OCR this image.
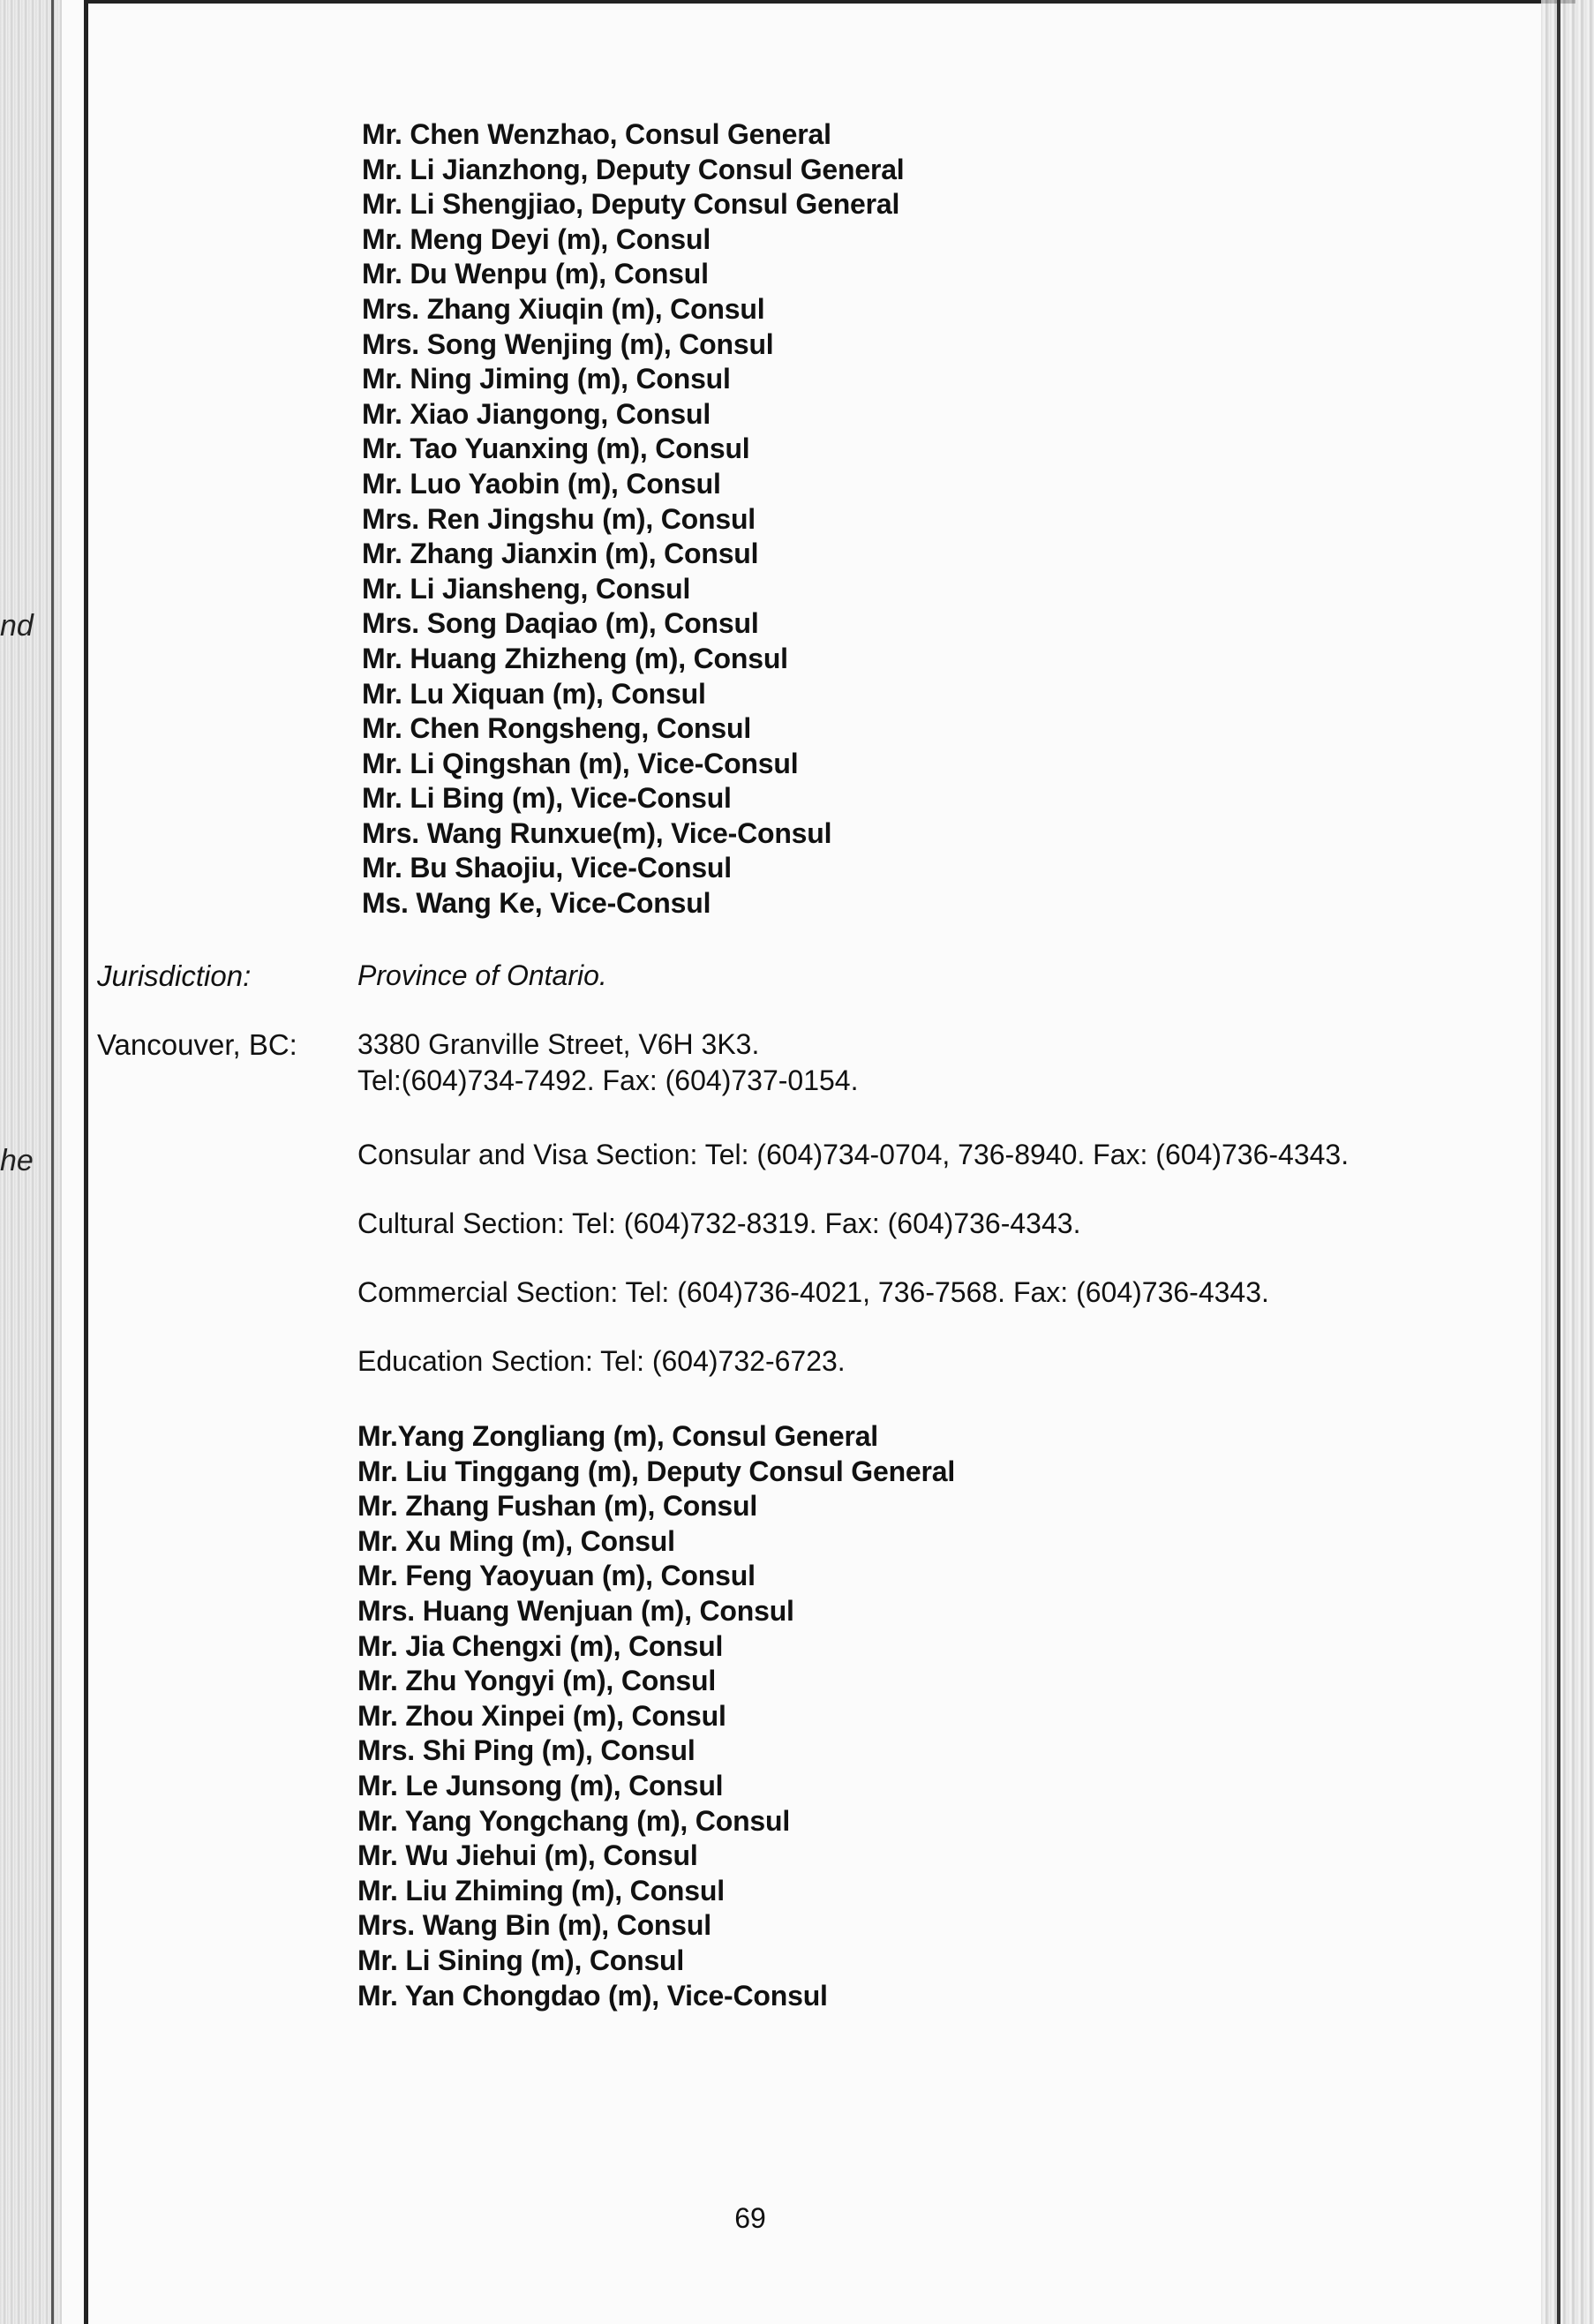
nd
he
Mr. Chen Wenzhao, Consul General
Mr. Li Jianzhong, Deputy Consul General
Mr. Li Shengjiao, Deputy Consul General
Mr. Meng Deyi (m), Consul
Mr. Du Wenpu (m), Consul
Mrs. Zhang Xiuqin (m), Consul
Mrs. Song Wenjing (m), Consul
Mr. Ning Jiming (m), Consul
Mr. Xiao Jiangong, Consul
Mr. Tao Yuanxing (m), Consul
Mr. Luo Yaobin (m), Consul
Mrs. Ren Jingshu (m), Consul
Mr. Zhang Jianxin (m), Consul
Mr. Li Jiansheng, Consul
Mrs. Song Daqiao (m), Consul
Mr. Huang Zhizheng (m), Consul
Mr. Lu Xiquan (m), Consul
Mr. Chen Rongsheng, Consul
Mr. Li Qingshan (m), Vice-Consul
Mr. Li Bing (m), Vice-Consul
Mrs. Wang Runxue(m), Vice-Consul
Mr. Bu Shaojiu, Vice-Consul
Ms. Wang Ke, Vice-Consul
Jurisdiction:	Province of Ontario.
Vancouver, BC: 3380 Granville Street, V6H 3K3.
Tel:(604)734-7492. Fax: (604)737-0154.
Consular and Visa Section: Tel: (604)734-0704, 736-8940. Fax: (604)736-4343.
Cultural Section: Tel: (604)732-8319. Fax: (604)736-4343.
Commercial Section: Tel: (604)736-4021, 736-7568. Fax: (604)736-4343.
Education Section: Tel: (604)732-6723.
Mr.Yang Zongliang (m), Consul General
Mr. Liu Tinggang (m), Deputy Consul General
Mr. Zhang Fushan (m), Consul
Mr. Xu Ming (m), Consul
Mr. Feng Yaoyuan (m), Consul
Mrs. Huang Wenjuan (m), Consul
Mr. Jia Chengxi (m), Consul
Mr. Zhu Yongyi (m), Consul
Mr. Zhou Xinpei (m), Consul
Mrs. Shi Ping (m), Consul
Mr. Le Junsong (m), Consul
Mr. Yang Yongchang (m), Consul
Mr. Wu Jiehui (m), Consul
Mr. Liu Zhiming (m), Consul
Mrs. Wang Bin (m), Consul
Mr. Li Sining (m), Consul
Mr. Yan Chongdao (m), Vice-Consul
69
